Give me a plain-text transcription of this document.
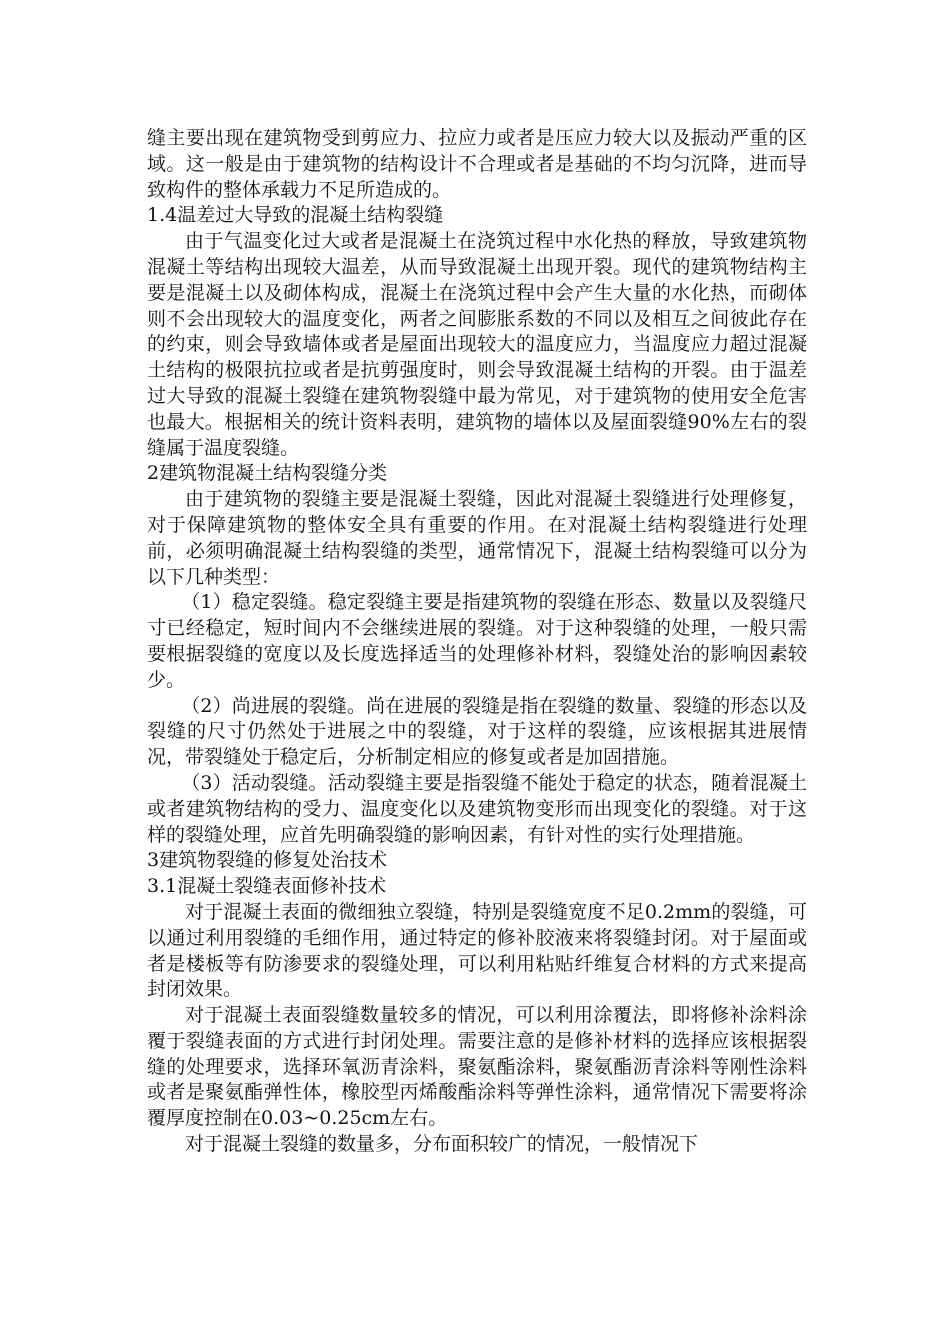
缝主要出现在建筑物受到剪应力、拉应力或者是压应力较大以及振动严重的区域。这一般是由于建筑物的结构设计不合理或者是基础的不均匀沉降，进而导致构件的整体承载力不足所造成的。

1.4温差过大导致的混凝土结构裂缝

由于气温变化过大或者是混凝土在浇筑过程中水化热的释放，导致建筑物混凝土等结构出现较大温差，从而导致混凝土出现开裂。现代的建筑物结构主要是混凝土以及砌体构成，混凝土在浇筑过程中会产生大量的水化热，而砌体则不会出现较大的温度变化，两者之间膨胀系数的不同以及相互之间彼此存在的约束，则会导致墙体或者是屋面出现较大的温度应力，当温度应力超过混凝土结构的极限抗拉或者是抗剪强度时，则会导致混凝土结构的开裂。由于温差过大导致的混凝土裂缝在建筑物裂缝中最为常见，对于建筑物的使用安全危害也最大。根据相关的统计资料表明，建筑物的墙体以及屋面裂缝90%左右的裂缝属于温度裂缝。

2建筑物混凝土结构裂缝分类

由于建筑物的裂缝主要是混凝土裂缝，因此对混凝土裂缝进行处理修复，对于保障建筑物的整体安全具有重要的作用。在对混凝土结构裂缝进行处理前，必须明确混凝土结构裂缝的类型，通常情况下，混凝土结构裂缝可以分为以下几种类型：

（1）稳定裂缝。稳定裂缝主要是指建筑物的裂缝在形态、数量以及裂缝尺寸已经稳定，短时间内不会继续进展的裂缝。对于这种裂缝的处理，一般只需要根据裂缝的宽度以及长度选择适当的处理修补材料，裂缝处治的影响因素较少。

（2）尚进展的裂缝。尚在进展的裂缝是指在裂缝的数量、裂缝的形态以及裂缝的尺寸仍然处于进展之中的裂缝，对于这样的裂缝，应该根据其进展情况，带裂缝处于稳定后，分析制定相应的修复或者是加固措施。

（3）活动裂缝。活动裂缝主要是指裂缝不能处于稳定的状态，随着混凝土或者建筑物结构的受力、温度变化以及建筑物变形而出现变化的裂缝。对于这样的裂缝处理，应首先明确裂缝的影响因素，有针对性的实行处理措施。

3建筑物裂缝的修复处治技术

3.1混凝土裂缝表面修补技术

对于混凝土表面的微细独立裂缝，特别是裂缝宽度不足0.2mm的裂缝，可以通过利用裂缝的毛细作用，通过特定的修补胶液来将裂缝封闭。对于屋面或者是楼板等有防渗要求的裂缝处理，可以利用粘贴纤维复合材料的方式来提高封闭效果。

对于混凝土表面裂缝数量较多的情况，可以利用涂覆法，即将修补涂料涂覆于裂缝表面的方式进行封闭处理。需要注意的是修补材料的选择应该根据裂缝的处理要求，选择环氧沥青涂料，聚氨酯涂料，聚氨酯沥青涂料等刚性涂料或者是聚氨酯弹性体，橡胶型丙烯酸酯涂料等弹性涂料，通常情况下需要将涂覆厚度控制在0.03~0.25cm左右。

对于混凝土裂缝的数量多，分布面积较广的情况，一般情况下
